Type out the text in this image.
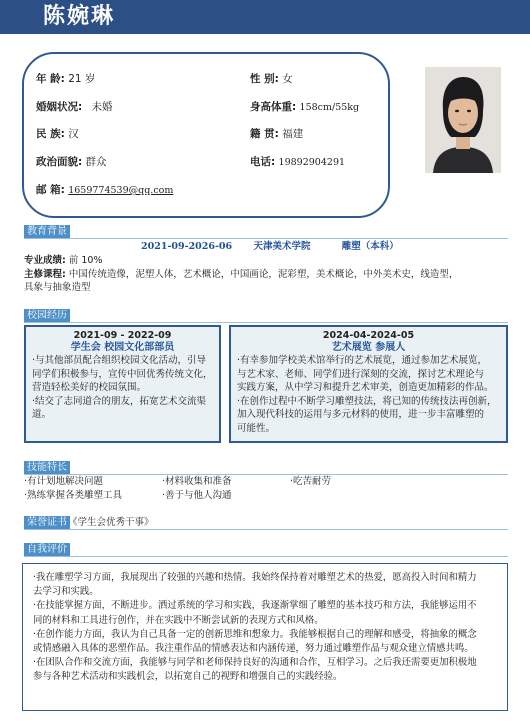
陈婉琳
年 龄: 21 岁	性 别: 女
婚姻状况: 未婚	身高体重: 158cm/55kg
民 族: 汉	籍 贯: 福建
政治面貌: 群众	电话: 19892904291
邮 箱: 1659774539@qq.com
教育背景
2021-09-2026-06 天津美术学院	雕塑（本科）
专业成绩: 前 10%
主修课程: 中国传统造像，泥塑人体，艺术概论，中国画论，泥彩塑，美术概论，中外美术史，线造型，
具象与抽象造型
校园经历
2021-09 - 2022-09
学生会 校园文化部部员
·与其他部员配合组织校园文化活动，引导
同学们积极参与，宣传中回优秀传统文化，
营造轻松美好的校园氛围。
·结交了志同道合的朋友，拓宽艺术交流渠
道。
2024-04-2024-05
艺术展览 参展人
·有幸参加学校美术馆举行的艺术展览，通过参加艺术展览，
与艺术家、老师、同学们进行深刻的交流，探讨艺术理论与
实践方案，从中学习和提升艺术审美，创造更加精彩的作品。
·在创作过程中不断学习雕塑技法，将已知的传统技法再创新，
加入现代科技的运用与多元材料的使用，进一步丰富雕塑的
可能性。
技能特长
·有计划地解决问题	·材料收集和准备	·吃苦耐劳
·熟练掌握各类雕塑工具	·善于与他人沟通
荣誉证书 《学生会优秀干事》
自我评价
·我在雕塑学习方面，我展现出了较强的兴趣和热情。我始终保持着对雕塑艺术的热爱，愿高投入时间和精力
去学习和实践。
·在技能掌握方面，不断进步。洒过系统的学习和实践，我逐渐掌细了雕塑的基本技巧和方法，我能够运用不
同的材料和工具进行创作，并在实践中不断尝试新的表现方式和风格。
·在创作能力方面，我认为自己具备一定的创新思维和想象力。我能够根据自己的理解和感受，将抽象的概念
或情感融入具体的恶塑作品。我注重作品的情感表达和内涵传递，努力通过雕塑作品与观众建立情感共鸣。
·在团队合作和交流方面，我能够与同学和老师保持良好的沟通和合作，互相学习。之后我还需要更加积极地
参与各种艺术活动和实践机会，以拓宽自己的视野和增强自己的实践经验。
